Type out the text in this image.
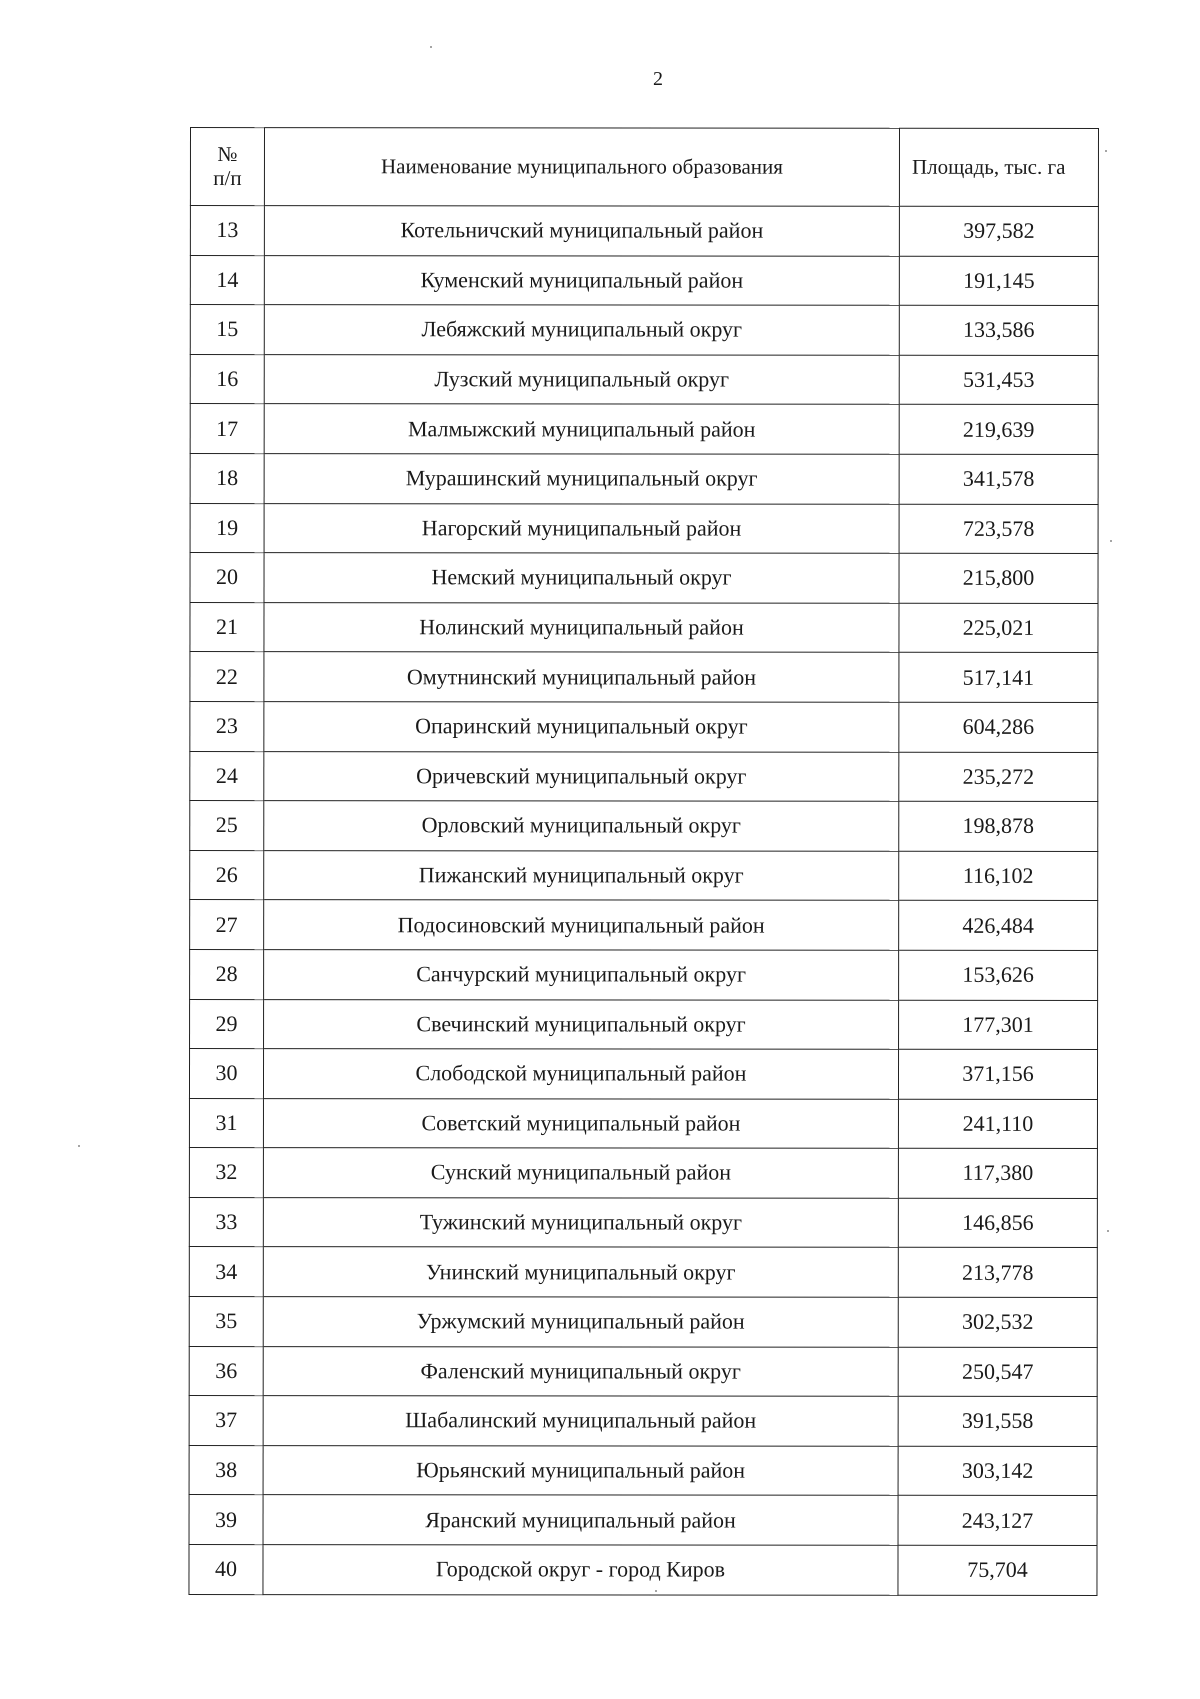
2
№
п/п	Наименование муниципального образования	Площадь, тыс. га
13	Котельничский муниципальный район	397,582
14	Куменский муниципальный район	191,145
15	Лебяжский муниципальный округ	133,586
16	Лузский муниципальный округ	531,453
17	Малмыжский муниципальный район	219,639
18	Мурашинский муниципальный округ	341,578
19	Нагорский муниципальный район	723,578
20	Немский муниципальный округ	215,800
21	Нолинский муниципальный район	225,021
22	Омутнинский муниципальный район	517,141
23	Опаринский муниципальный округ	604,286
24	Оричевский муниципальный округ	235,272
25	Орловский муниципальный округ	198,878
26	Пижанский муниципальный округ	116,102
27	Подосиновский муниципальный район	426,484
28	Санчурский муниципальный округ	153,626
29	Свечинский муниципальный округ	177,301
30	Слободской муниципальный район	371,156
31	Советский муниципальный район	241,110
32	Сунский муниципальный район	117,380
33	Тужинский муниципальный округ	146,856
34	Унинский муниципальный округ	213,778
35	Уржумский муниципальный район	302,532
36	Фаленский муниципальный округ	250,547
37	Шабалинский муниципальный район	391,558
38	Юрьянский муниципальный район	303,142
39	Яранский муниципальный район	243,127
40	Городской округ - город Киров	75,704
